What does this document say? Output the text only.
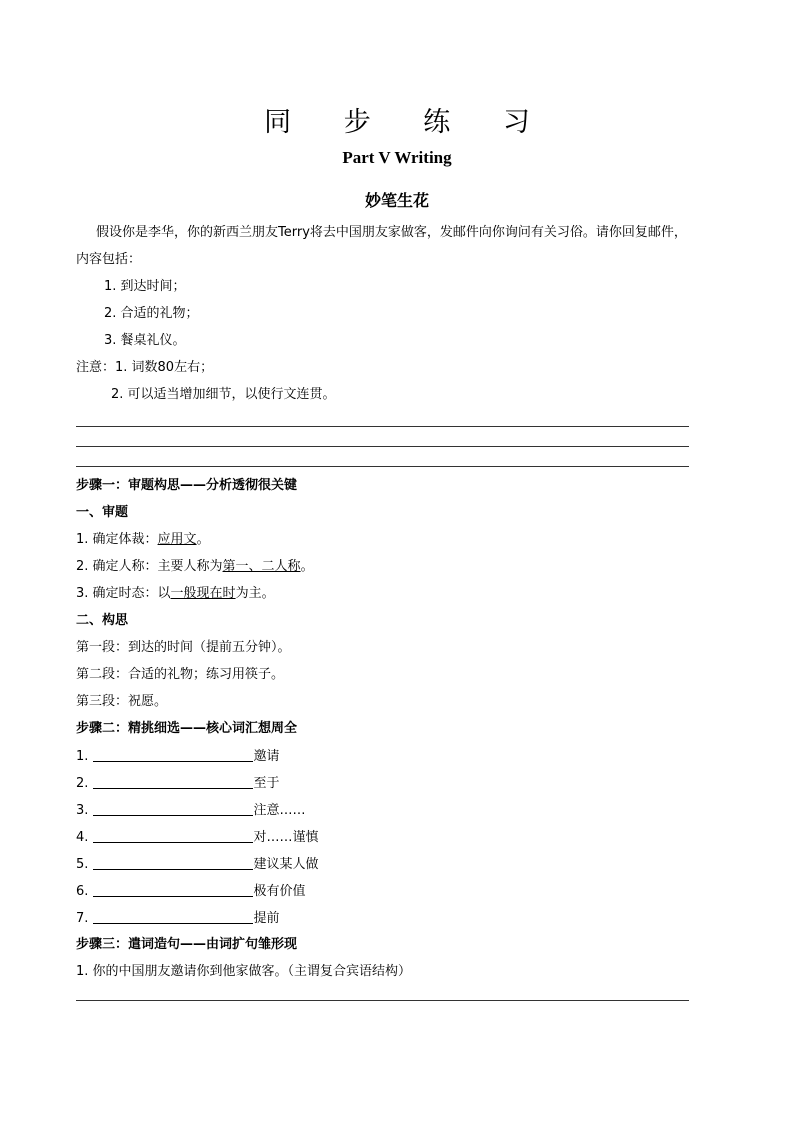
同 步 练 习
Part V Writing
妙笔生花
假设你是李华，你的新西兰朋友Terry将去中国朋友家做客，发邮件向你询问有关习俗。请你回复邮件，
内容包括：
1. 到达时间；
2. 合适的礼物；
3. 餐桌礼仪。
注意：1. 词数80左右；
2. 可以适当增加细节，以使行文连贯。
步骤一：审题构思——分析透彻很关键
一、审题
1. 确定体裁：应用文。
2. 确定人称：主要人称为第一、二人称。
3. 确定时态：以一般现在时为主。
二、构思
第一段：到达的时间（提前五分钟）。
第二段：合适的礼物；练习用筷子。
第三段：祝愿。
步骤二：精挑细选——核心词汇想周全
1.	邀请
2.	至于
3.	注意……
4.	对……谨慎
5.	建议某人做
6.	极有价值
7.	提前
步骤三：遣词造句——由词扩句雏形现
1. 你的中国朋友邀请你到他家做客。（主谓复合宾语结构）
